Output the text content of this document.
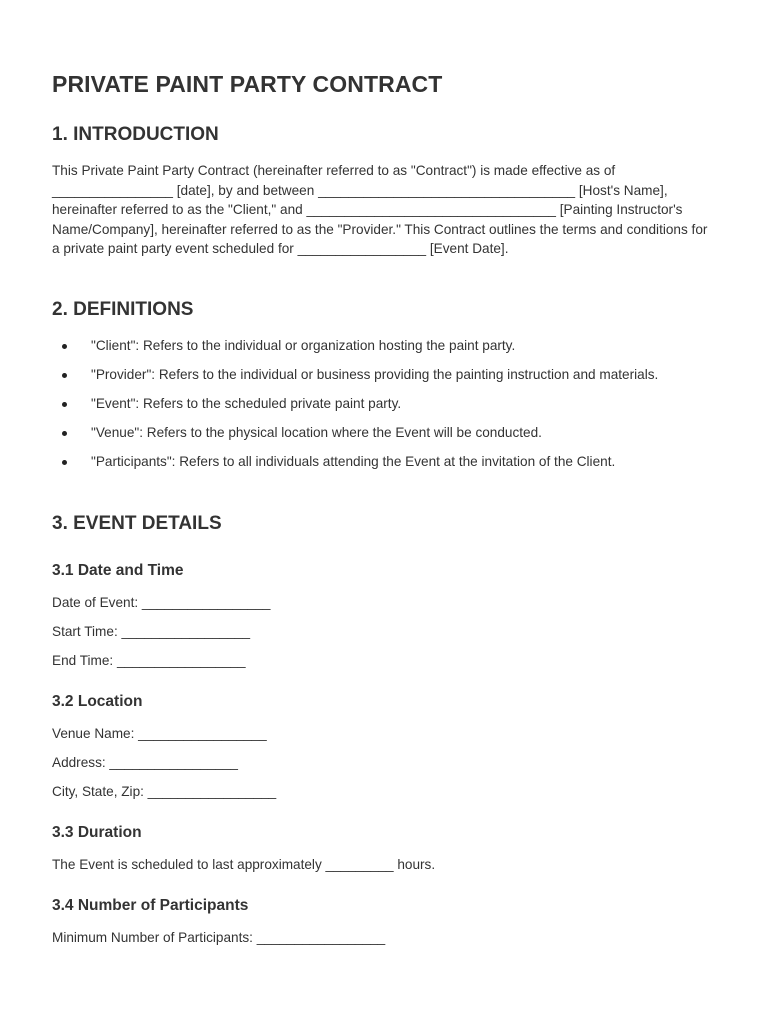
PRIVATE PAINT PARTY CONTRACT
1. INTRODUCTION

This Private Paint Party Contract (hereinafter referred to as "Contract") is made effective as of ________________ [date], by and between __________________________________ [Host's Name], hereinafter referred to as the "Client," and _________________________________ [Painting Instructor's Name/Company], hereinafter referred to as the "Provider." This Contract outlines the terms and conditions for a private paint party event scheduled for _________________ [Event Date].

2. DEFINITIONS
"Client": Refers to the individual or organization hosting the paint party.
"Provider": Refers to the individual or business providing the painting instruction and materials.
"Event": Refers to the scheduled private paint party.
"Venue": Refers to the physical location where the Event will be conducted.
"Participants": Refers to all individuals attending the Event at the invitation of the Client.
3. EVENT DETAILS
3.1 Date and Time

Date of Event: _________________

Start Time: _________________

End Time: _________________

3.2 Location

Venue Name: _________________

Address: _________________

City, State, Zip: _________________

3.3 Duration

The Event is scheduled to last approximately _________ hours.

3.4 Number of Participants

Minimum Number of Participants: _________________
